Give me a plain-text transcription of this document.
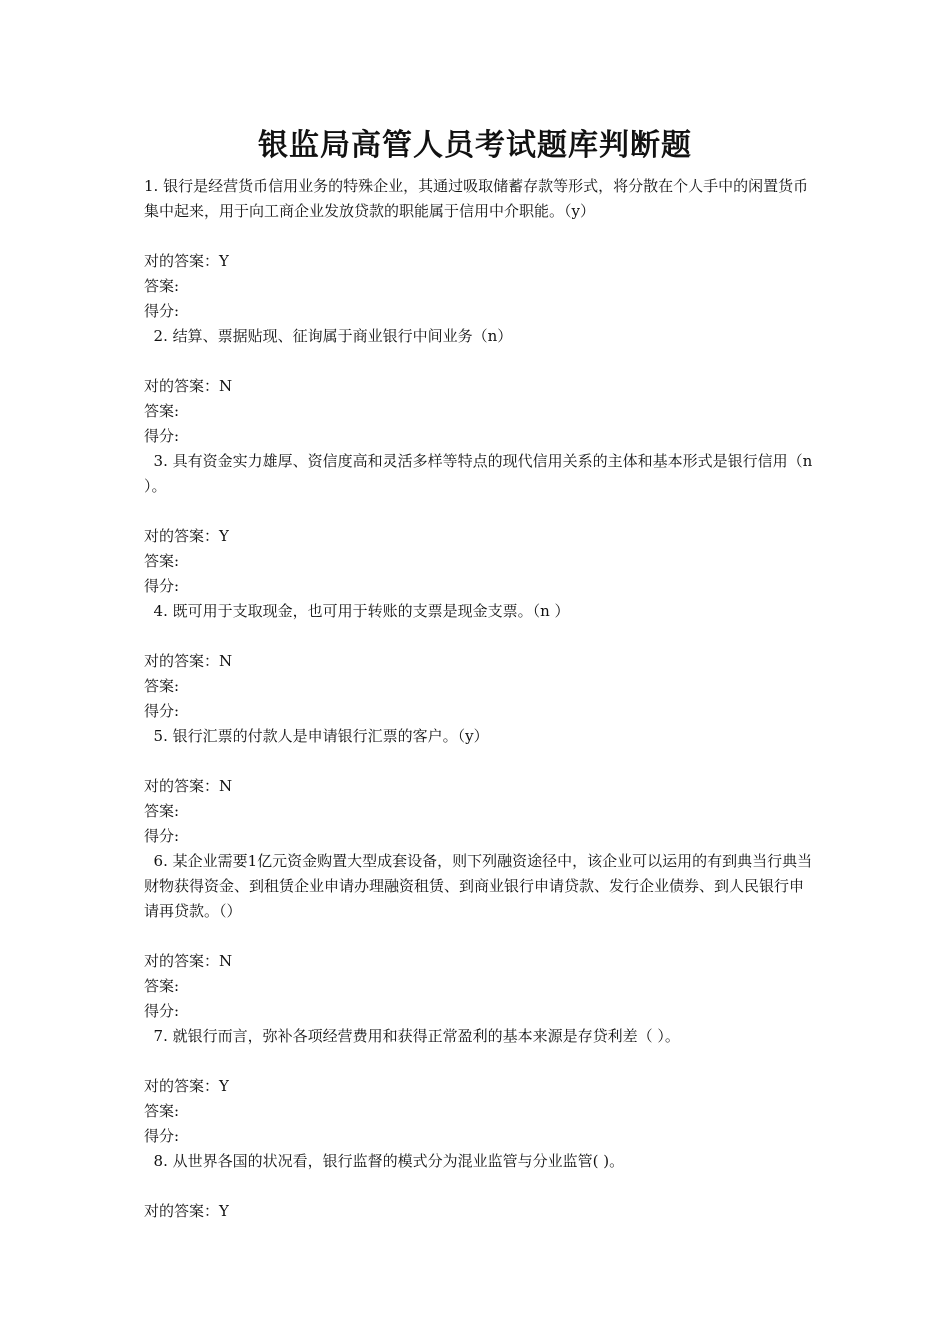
银监局高管人员考试题库判断题

1. 银行是经营货币信用业务的特殊企业，其通过吸取储蓄存款等形式，将分散在个人手中的闲置货币集中起来，用于向工商企业发放贷款的职能属于信用中介职能。（y）

对的答案：Y

答案:

得分:

2. 结算、票据贴现、征询属于商业银行中间业务（n）

对的答案：N

答案:

得分:

3. 具有资金实力雄厚、资信度高和灵活多样等特点的现代信用关系的主体和基本形式是银行信用（n   ）。

对的答案：Y

答案:

得分:

4. 既可用于支取现金，也可用于转账的支票是现金支票。（n ）

对的答案：N

答案:

得分:

5. 银行汇票的付款人是申请银行汇票的客户。（y）

对的答案：N

答案:

得分:

6. 某企业需要1亿元资金购置大型成套设备，则下列融资途径中，该企业可以运用的有到典当行典当财物获得资金、到租赁企业申请办理融资租赁、到商业银行申请贷款、发行企业债券、到人民银行申请再贷款。（）

对的答案：N

答案:

得分:

7. 就银行而言，弥补各项经营费用和获得正常盈利的基本来源是存贷利差（ ）。

对的答案：Y

答案:

得分:

8. 从世界各国的状况看，银行监督的模式分为混业监管与分业监管( )。

对的答案：Y
